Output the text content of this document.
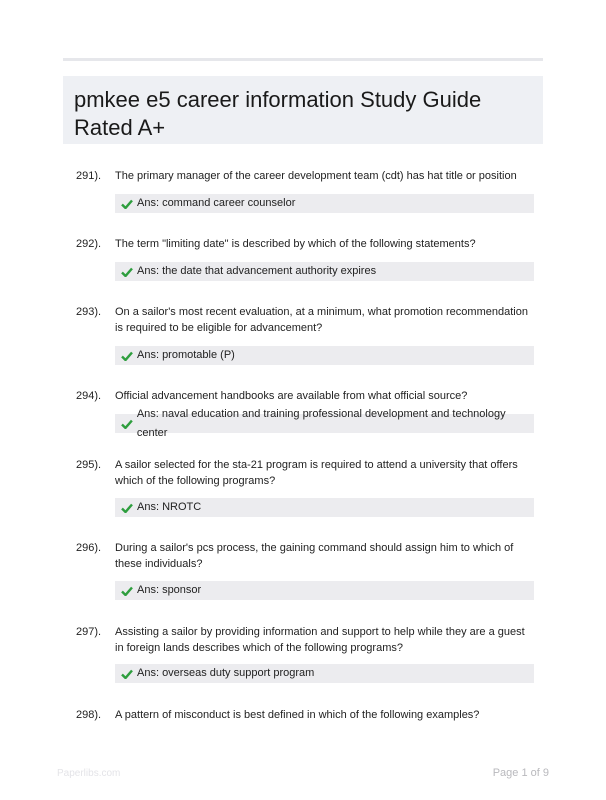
pmkee e5 career information Study Guide Rated A+
291). The primary manager of the career development team (cdt) has hat title or position
Ans: command career counselor
292). The term "limiting date" is described by which of the following statements?
Ans: the date that advancement authority expires
293). On a sailor's most recent evaluation, at a minimum, what promotion recommendation is required to be eligible for advancement?
Ans: promotable (P)
294). Official advancement handbooks are available from what official source?
Ans: naval education and training professional development and technology center
295). A sailor selected for the sta-21 program is required to attend a university that offers which of the following programs?
Ans: NROTC
296). During a sailor's pcs process, the gaining command should assign him to which of these individuals?
Ans: sponsor
297). Assisting a sailor by providing information and support to help while they are a guest in foreign lands describes which of the following programs?
Ans: overseas duty support program
298). A pattern of misconduct is best defined in which of the following examples?
Paperlibs.com	Page 1 of 9
